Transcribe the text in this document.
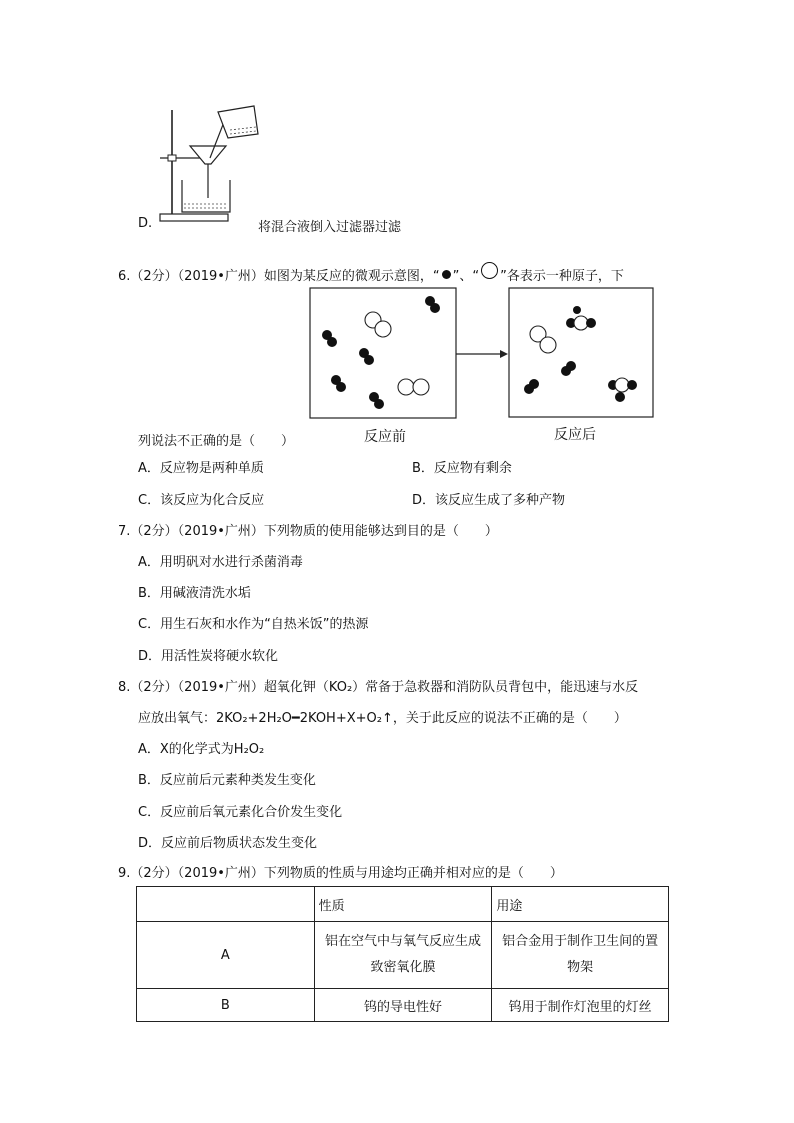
D.	将混合液倒入过滤器过滤
6.（2分）（2019•广州）如图为某反应的微观示意图，“ ”、“ ”各表示一种原子，下
列说法不正确的是（　　）	反应前	反应后
A．反应物是两种单质	B．反应物有剩余
C．该反应为化合反应	D．该反应生成了多种产物
7.（2分）（2019•广州）下列物质的使用能够达到目的是（　　）
A．用明矾对水进行杀菌消毒
B．用碱液清洗水垢
C．用生石灰和水作为“自热米饭”的热源
D．用活性炭将硬水软化
8.（2分）（2019•广州）超氧化钾（KO₂）常备于急救器和消防队员背包中，能迅速与水反
应放出氧气：2KO₂+2H₂O━2KOH+X+O₂↑，关于此反应的说法不正确的是（　　）
A．X的化学式为H₂O₂
B．反应前后元素种类发生变化
C．反应前后氧元素化合价发生变化
D．反应前后物质状态发生变化
9.（2分）（2019•广州）下列物质的性质与用途均正确并相对应的是（　　）
	性质	用途
A	铝在空气中与氧气反应生成致密氧化膜	铝合金用于制作卫生间的置物架
B	钨的导电性好	钨用于制作灯泡里的灯丝
